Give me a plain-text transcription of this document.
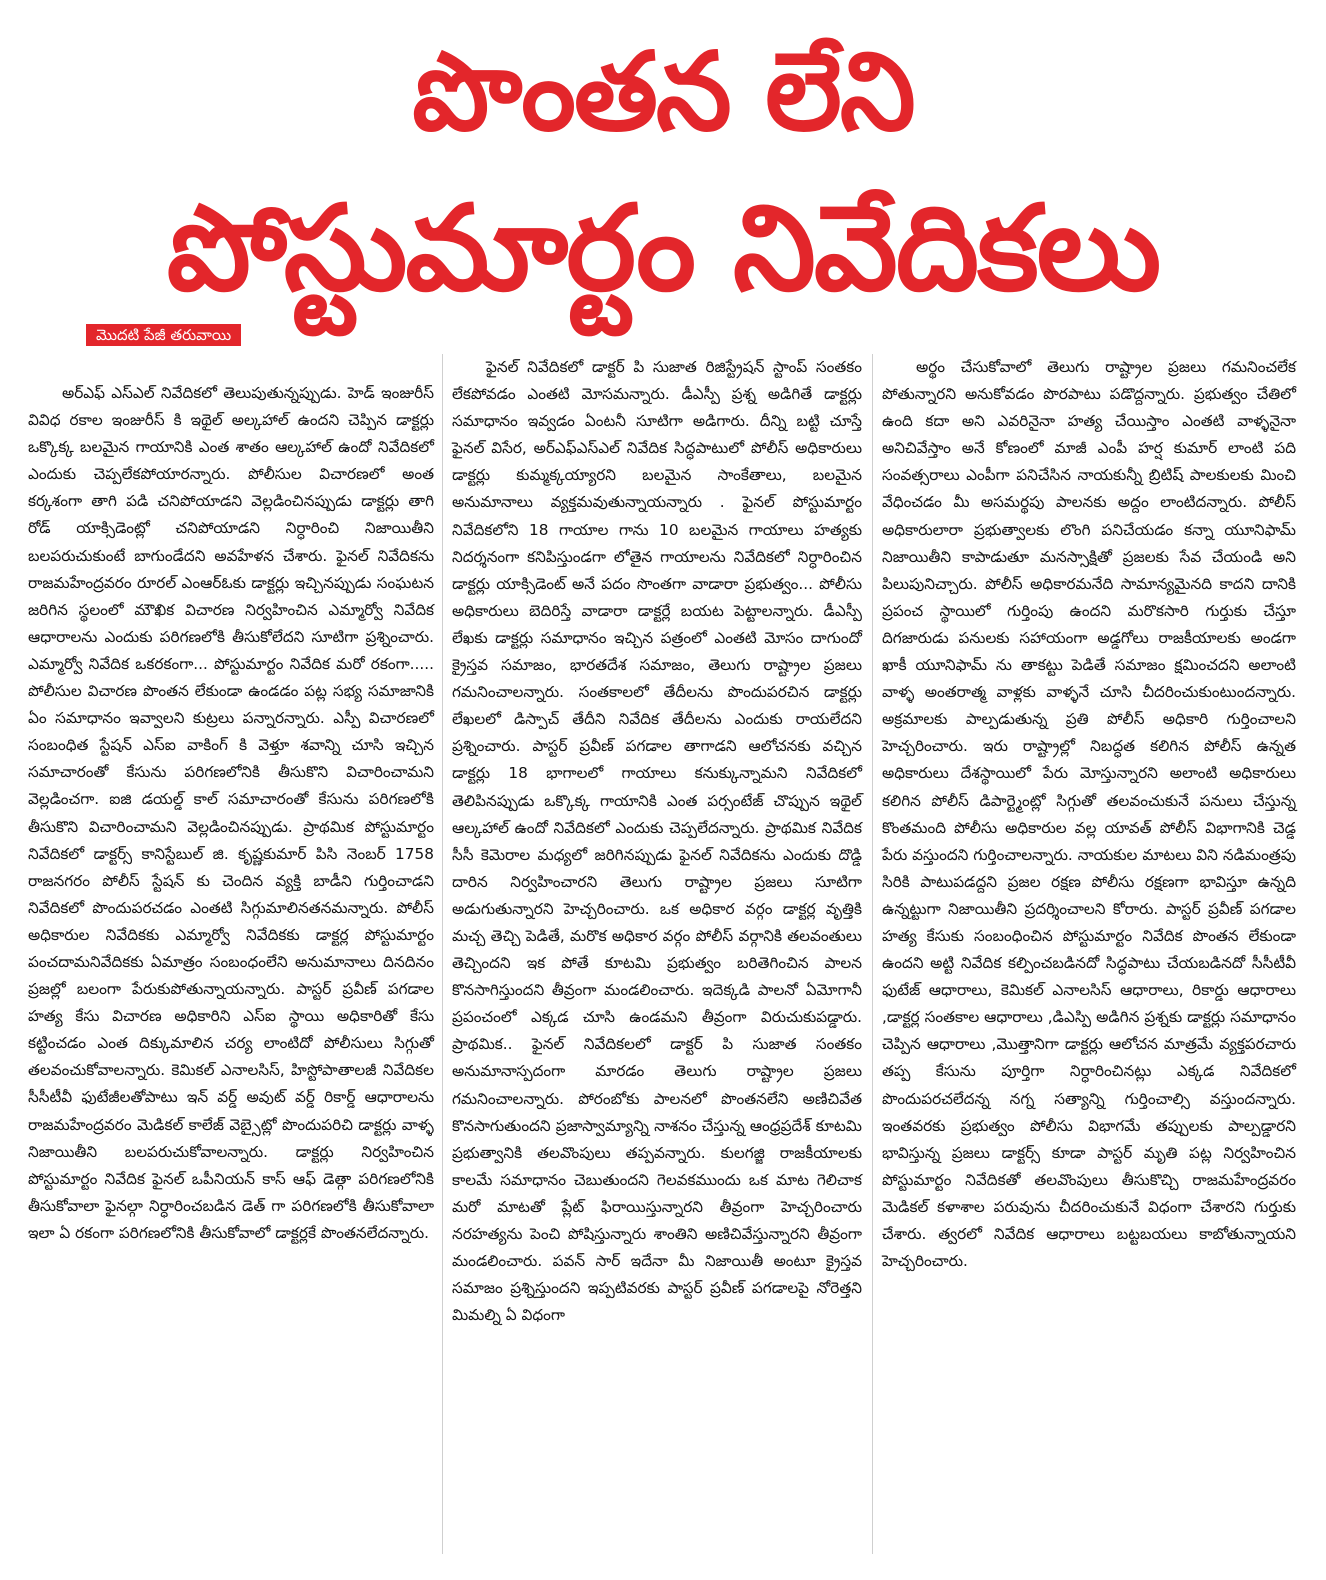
పొంతన లేని
పోస్టుమార్టం నివేదికలు
మొదటి పేజీ తరువాయి

అర్ఎఫ్ ఎస్ఎల్ నివేదికలో తెలుపుతున్నప్పుడు. హెడ్ ఇంజురీస్ వివిధ రకాల ఇంజురీస్ కి ఇథైల్ అల్కహాల్ ఉందని చెప్పిన డాక్టర్లు ఒక్కొక్క బలమైన గాయానికి ఎంత శాతం ఆల్కహాల్ ఉందో నివేదికలో ఎందుకు చెప్పలేకపోయారన్నారు. పోలీసుల విచారణలో అంత కర్కశంగా తాగి పడి చనిపోయాడని వెల్లడించినప్పుడు డాక్టర్లు తాగి రోడ్ యాక్సిడెంట్లో చనిపోయాడని నిర్ధారించి నిజాయితీని బలపరుచుకుంటే బాగుండేదని అవహేళన చేశారు. ఫైనల్ నివేదికను రాజమహేంద్రవరం రూరల్ ఎంఆర్ఓకు డాక్టర్లు ఇచ్చినప్పుడు సంఘటన జరిగిన స్థలంలో మౌఖిక విచారణ నిర్వహించిన ఎమ్మార్వో నివేదిక ఆధారాలను ఎందుకు పరిగణలోకి తీసుకోలేదని సూటిగా ప్రశ్నించారు. ఎమ్మార్వో నివేదిక ఒకరకంగా... పోస్టుమార్టం నివేదిక మరో రకంగా..... పోలీసుల విచారణ పొంతన లేకుండా ఉండడం పట్ల సభ్య సమాజానికి ఏం సమాధానం ఇవ్వాలని కుట్రలు పన్నారన్నారు. ఎస్పీ విచారణలో సంబంధిత స్టేషన్ ఎస్ఐ వాకింగ్ కి వెళ్తూ శవాన్ని చూసి ఇచ్చిన సమాచారంతో కేసును పరిగణలోనికి తీసుకొని విచారించామని వెల్లడించగా. ఐజి డయల్డ్ కాల్ సమాచారంతో కేసును పరిగణలోకి తీసుకొని విచారించామని వెల్లడించినప్పుడు. ప్రాథమిక పోస్టుమార్టం నివేదికలో డాక్టర్స్ కానిస్టేబుల్ జి. కృష్ణకుమార్ పిసి నెంబర్ 1758 రాజనగరం పోలీస్ స్టేషన్ కు చెందిన వ్యక్తి బాడీని గుర్తించాడని నివేదికలో పొందుపరచడం ఎంతటి సిగ్గుమాలినతనమన్నారు. పోలీస్ అధికారుల నివేదికకు ఎమ్మార్వో నివేదికకు డాక్టర్ల పోస్టుమార్టం పంచదామనివేదికకు ఏమాత్రం సంబంధంలేని అనుమానాలు దినదినం ప్రజల్లో బలంగా పేరుకుపోతున్నాయన్నారు. పాస్టర్ ప్రవీణ్ పగడాల హత్య కేసు విచారణ అధికారిని ఎస్ఐ స్థాయి అధికారితో కేసు కట్టించడం ఎంత దిక్కుమాలిన చర్య లాంటిదో పోలీసులు సిగ్గుతో తలవంచుకోవాలన్నారు. కెమికల్ ఎనాలసిస్, హిస్టోపాతాలజీ నివేదికల సీసీటీవీ ఫుటేజీలతోపాటు ఇన్ వర్డ్ అవుట్ వర్డ్ రికార్డ్ ఆధారాలను రాజమహేంద్రవరం మెడికల్ కాలేజ్ వెబ్సైట్లో పొందుపరిచి డాక్టర్లు వాళ్ళ నిజాయితీని బలపరుచుకోవాలన్నారు. డాక్టర్లు నిర్వహించిన పోస్టుమార్టం నివేదిక ఫైనల్ ఒపీనియన్ కాస్ ఆఫ్ డెత్గా పరిగణలోనికి తీసుకోవాలా ఫైనల్గా నిర్ధారించబడిన డెత్ గా పరిగణలోకి తీసుకోవాలా ఇలా ఏ రకంగా పరిగణలోనికి తీసుకోవాలో డాక్టర్లకే పొంతనలేదన్నారు.

ఫైనల్ నివేదికలో డాక్టర్ పి సుజాత రిజిస్ట్రేషన్ స్టాంప్ సంతకం లేకపోవడం ఎంతటి మోసమన్నారు. డీఎస్పీ ప్రశ్న అడిగితే డాక్టర్లు సమాధానం ఇవ్వడం ఏంటనీ సూటిగా అడిగారు. దీన్ని బట్టి చూస్తే ఫైనల్ విసేర, అర్ఎఫ్ఎస్ఎల్ నివేదిక సిద్ధపాటులో పోలీస్ అధికారులు డాక్టర్లు కుమ్మక్కయ్యారని బలమైన సాంకేతాలు, బలమైన అనుమానాలు వ్యక్తమవుతున్నాయన్నారు . ఫైనల్ పోస్టుమార్టం నివేదికలోని 18 గాయాల గాను 10 బలమైన గాయాలు హత్యకు నిదర్శనంగా కనిపిస్తుండగా లోతైన గాయాలను నివేదికలో నిర్ధారించిన డాక్టర్లు యాక్సిడెంట్ అనే పదం సొంతగా వాడారా ప్రభుత్వం... పోలీసు అధికారులు బెదిరిస్తే వాడారా డాక్టర్లే బయట పెట్టాలన్నారు. డీఎస్పీ లేఖకు డాక్టర్లు సమాధానం ఇచ్చిన పత్రంలో ఎంతటి మోసం దాగుందో క్రైస్తవ సమాజం, భారతదేశ సమాజం, తెలుగు రాష్ట్రాల ప్రజలు గమనించాలన్నారు. సంతకాలలో తేదీలను పొందుపరచిన డాక్టర్లు లేఖలలో డిస్పాచ్ తేదీని నివేదిక తేదీలను ఎందుకు రాయలేదని ప్రశ్నించారు. పాస్టర్ ప్రవీణ్ పగడాల తాగాడని ఆలోచనకు వచ్చిన డాక్టర్లు 18 భాగాలలో గాయాలు కనుక్కున్నామని నివేదికలో తెలిపినప్పుడు ఒక్కొక్క గాయానికి ఎంత పర్సంటేజ్ చొప్పున ఇథైల్ ఆల్కహాల్ ఉందో నివేదికలో ఎందుకు చెప్పలేదన్నారు. ప్రాథమిక నివేదిక సీసీ కెమెరాల మధ్యలో జరిగినప్పుడు ఫైనల్ నివేదికను ఎందుకు దొడ్డి దారిన నిర్వహించారని తెలుగు రాష్ట్రాల ప్రజలు సూటిగా అడుగుతున్నారని హెచ్చరించారు. ఒక అధికార వర్గం డాక్టర్ల వృత్తికి మచ్చ తెచ్చి పెడితే, మరొక అధికార వర్గం పోలీస్ వర్గానికి తలవంతులు తెచ్చిందని ఇక పోతే కూటమి ప్రభుత్వం బరితెగించిన పాలన కొనసాగిస్తుందని తీవ్రంగా మండలించారు. ఇదెక్కడి పాలనో ఏమోగానీ ప్రపంచంలో ఎక్కడ చూసి ఉండమని తీవ్రంగా విరుచుకుపడ్డారు. ప్రాథమిక.. ఫైనల్ నివేదికలలో డాక్టర్ పి సుజాత సంతకం అనుమానాస్పదంగా మారడం తెలుగు రాష్ట్రాల ప్రజలు గమనించాలన్నారు. పోరంబోకు పాలనలో పొంతనలేని అణిచివేత కొనసాగుతుందని ప్రజాస్వామ్యాన్ని నాశనం చేస్తున్న ఆంధ్రప్రదేశ్ కూటమి ప్రభుత్వానికి తలవొంపులు తప్పవన్నారు. కులగజ్జి రాజకీయాలకు కాలమే సమాధానం చెబుతుందని గెలవకముందు ఒక మాట గెలిచాక మరో మాటతో ప్లేట్ ఫిరాయిస్తున్నారని తీవ్రంగా హెచ్చరించారు నరహత్యను పెంచి పోషిస్తున్నారు శాంతిని అణిచివేస్తున్నారని తీవ్రంగా మండలించారు. పవన్ సార్ ఇదేనా మీ నిజాయితీ అంటూ క్రైస్తవ సమాజం ప్రశ్నిస్తుందని ఇప్పటివరకు పాస్టర్ ప్రవీణ్ పగడాలపై నోరెత్తని మిమల్ని ఏ విధంగా

అర్థం చేసుకోవాలో తెలుగు రాష్ట్రాల ప్రజలు గమనించలేక పోతున్నారని అనుకోవడం పొరపాటు పడొద్దన్నారు. ప్రభుత్వం చేతిలో ఉంది కదా అని ఎవరినైనా హత్య చేయిస్తాం ఎంతటి వాళ్ళనైనా అనిచివేస్తాం అనే కోణంలో మాజీ ఎంపీ హర్ష కుమార్ లాంటి పది సంవత్సరాలు ఎంపీగా పనిచేసిన నాయకున్నీ బ్రిటిష్ పాలకులకు మించి వేధించడం మీ అసమర్థపు పాలనకు అద్దం లాంటిదన్నారు. పోలీస్ అధికారులారా ప్రభుత్వాలకు లొంగి పనిచేయడం కన్నా యూనిఫామ్ నిజాయితీని కాపాడుతూ మనస్సాక్షితో ప్రజలకు సేవ చేయండి అని పిలుపునిచ్చారు. పోలీస్ అధికారమనేది సామాన్యమైనది కాదని దానికి ప్రపంచ స్థాయిలో గుర్తింపు ఉందని మరొకసారి గుర్తుకు చేస్తూ దిగజారుడు పనులకు సహాయంగా అడ్డగోలు రాజకీయాలకు అండగా ఖాకీ యూనిఫామ్ ను తాకట్టు పెడితే సమాజం క్షమించదని అలాంటి వాళ్ళ అంతరాత్మ వాళ్లకు వాళ్ళనే చూసి చీదరించుకుంటుందన్నారు. అక్రమాలకు పాల్పడుతున్న ప్రతి పోలీస్ అధికారి గుర్తించాలని హెచ్చరించారు. ఇరు రాష్ట్రాల్లో నిబద్ధత కలిగిన పోలీస్ ఉన్నత అధికారులు దేశస్థాయిలో పేరు మోస్తున్నారని అలాంటి అధికారులు కలిగిన పోలీస్ డిపార్ట్మెంట్లో సిగ్గుతో తలవంచుకునే పనులు చేస్తున్న కొంతమంది పోలీసు అధికారుల వల్ల యావత్ పోలీస్ విభాగానికి చెడ్డ పేరు వస్తుందని గుర్తించాలన్నారు. నాయకుల మాటలు విని నడిమంత్రపు సిరికి పాటుపడద్దని ప్రజల రక్షణ పోలీసు రక్షణగా భావిస్తూ ఉన్నది ఉన్నట్టుగా నిజాయితీని ప్రదర్శించాలని కోరారు. పాస్టర్ ప్రవీణ్ పగడాల హత్య కేసుకు సంబంధించిన పోస్టుమార్టం నివేదిక పొంతన లేకుండా ఉందని అట్టి నివేదిక కల్పించబడినదో సిద్ధపాటు చేయబడినదో సీసీటీవీ ఫుటేజ్ ఆధారాలు, కెమికల్ ఎనాలసిస్ ఆధారాలు, రికార్డు ఆధారాలు ,డాక్టర్ల సంతకాల ఆధారాలు ,డిఎస్పి అడిగిన ప్రశ్నకు డాక్టర్లు సమాధానం చెప్పిన ఆధారాలు ,మొత్తానిగా డాక్టర్లు ఆలోచన మాత్రమే వ్యక్తపరచారు తప్ప కేసును పూర్తిగా నిర్ధారించినట్లు ఎక్కడ నివేదికలో పొందుపరచలేదన్న నగ్న సత్యాన్ని గుర్తించాల్సి వస్తుందన్నారు. ఇంతవరకు ప్రభుత్వం పోలీసు విభాగమే తప్పులకు పాల్పడ్డారని భావిస్తున్న ప్రజలు డాక్టర్స్ కూడా పాస్టర్ మృతి పట్ల నిర్వహించిన పోస్టుమార్టం నివేదికతో తలవొంపులు తీసుకొచ్చి రాజమహేంద్రవరం మెడికల్ కళాశాల పరువును చీదరించుకునే విధంగా చేశారని గుర్తుకు చేశారు. త్వరలో నివేదిక ఆధారాలు బట్టబయలు కాబోతున్నాయని హెచ్చరించారు.
